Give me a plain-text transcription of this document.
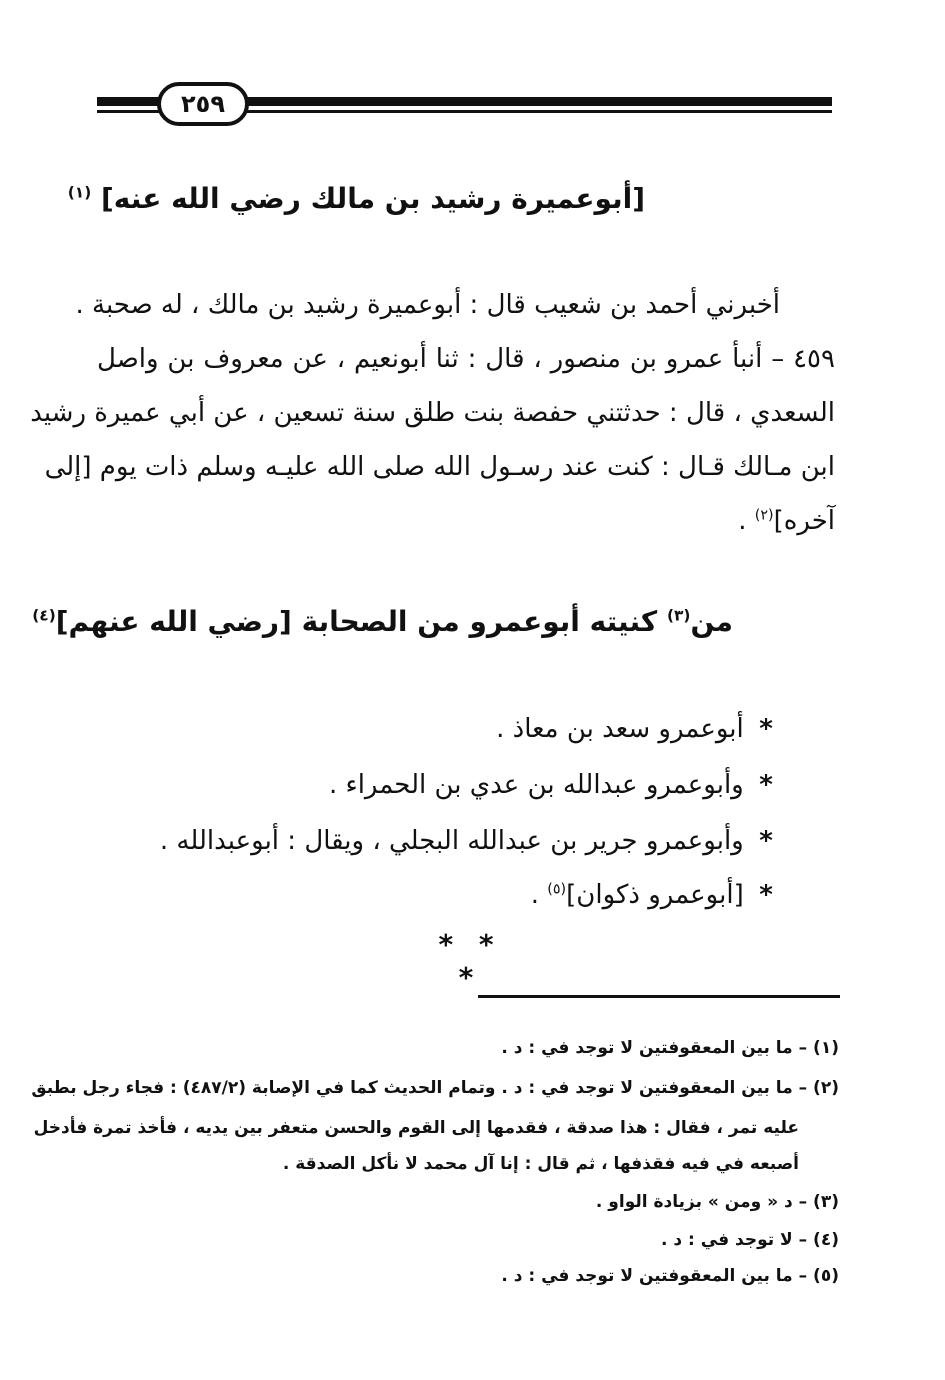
٢٥٩
[أبوعميرة رشيد بن مالك رضي الله عنه] $^{(١)}$
أخبرني أحمد بن شعيب قال : أبوعميرة رشيد بن مالك ، له صحبة .
٤٥٩ – أنبأ عمرو بن منصور ، قال : ثنا أبونعيم ، عن معروف بن واصل
السعدي ، قال : حدثتني حفصة بنت طلق سنة تسعين ، عن أبي عميرة رشيد
ابن مـالك قـال : كنت عند رسـول الله صلى الله عليـه وسلم ذات يوم [إلى
آخره]$^{(٢)}$ .
من$^{(٣)}$ كنيته أبوعمرو من الصحابة [رضي الله عنهم]$^{(٤)}$
* أبوعمرو سعد بن معاذ .
* وأبوعمرو عبدالله بن عدي بن الحمراء .
* وأبوعمرو جرير بن عبدالله البجلي ، ويقال : أبوعبدالله .
* [أبوعمرو ذكوان]$^{(٥)}$ .
* * *
(١) – ما بين المعقوفتين لا توجد في : د .
(٢) – ما بين المعقوفتين لا توجد في : د . وتمام الحديث كما في الإصابة (٤٨٧/٢) : فجاء رجل بطبق
عليه تمر ، فقال : هذا صدقة ، فقدمها إلى القوم والحسن متعفر بين يديه ، فأخذ تمرة فأدخل
أصبعه في فيه فقذفها ، ثم قال : إنا آل محمد لا نأكل الصدقة .
(٣) – د « ومن » بزيادة الواو .
(٤) – لا توجد في : د .
(٥) – ما بين المعقوفتين لا توجد في : د .
